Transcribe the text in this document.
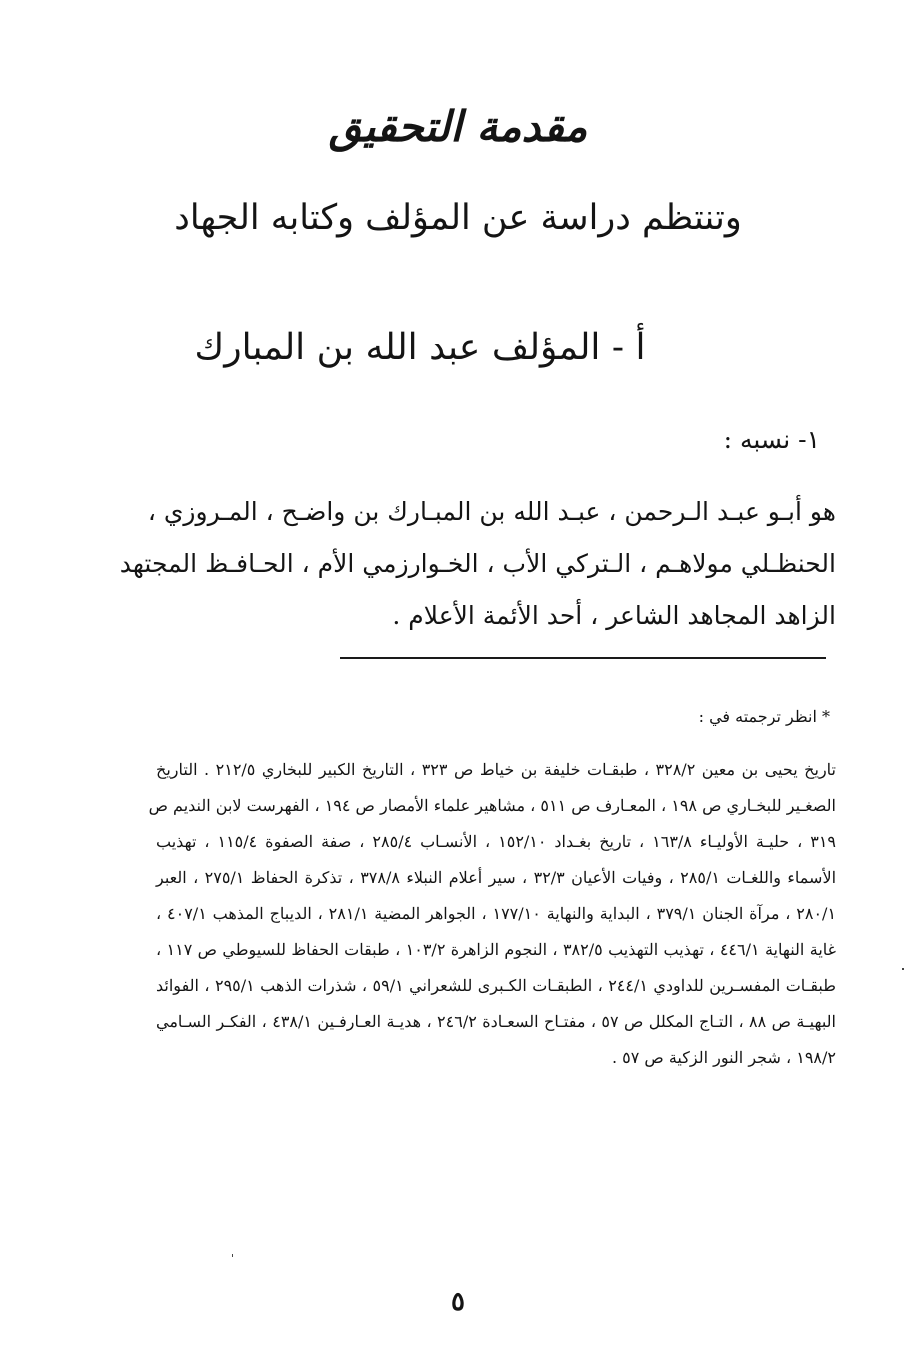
مقدمة التحقيق
وتنتظم دراسة عن المؤلف وكتابه الجهاد
أ - المؤلف عبد الله بن المبارك
١- نسبه :

هو أبـو عبـد الـرحمن ، عبـد الله بن المبـارك بن واضـح ، المـروزي ،

الحنظـلي مولاهـم ، الـتركي الأب ، الخـوارزمي الأم ، الحـافـظ المجتهد

الزاهد المجاهد الشاعر ، أحد الأئمة الأعلام .

* انظر ترجمته في :

تاريخ يحيى بن معين ٣٢٨/٢ ، طبقـات خليفة بن خياط ص ٣٢٣ ، التاريخ الكبير للبخاري ٢١٢/٥ . التاريخ

الصغـير للبخـاري ص ١٩٨ ، المعـارف ص ٥١١ ، مشاهير علماء الأمصار ص ١٩٤ ، الفهرست لابن النديم ص

٣١٩ ، حليـة الأوليـاء ١٦٣/٨ ، تاريخ بغـداد ١٥٢/١٠ ، الأنسـاب ٢٨٥/٤ ، صفة الصفوة ١١٥/٤ ، تهذيب

الأسماء واللغـات ٢٨٥/١ ، وفيات الأعيان ٣٢/٣ ، سير أعلام النبلاء ٣٧٨/٨ ، تذكرة الحفاظ ٢٧٥/١ ، العبر

٢٨٠/١ ، مرآة الجنان ٣٧٩/١ ، البداية والنهاية ١٧٧/١٠ ، الجواهر المضية ٢٨١/١ ، الديباج المذهب ٤٠٧/١ ،

غاية النهاية ٤٤٦/١ ، تهذيب التهذيب ٣٨٢/٥ ، النجوم الزاهرة ١٠٣/٢ ، طبقات الحفاظ للسيوطي ص ١١٧ ،

طبقـات المفسـرين للداودي ٢٤٤/١ ، الطبقـات الكـبرى للشعراني ٥٩/١ ، شذرات الذهب ٢٩٥/١ ، الفوائد

البهيـة ص ٨٨ ، التـاج المكلل ص ٥٧ ، مفتـاح السعـادة ٢٤٦/٢ ، هديـة العـارفـين ٤٣٨/١ ، الفكـر السـامي

١٩٨/٢ ، شجر النور الزكية ص ٥٧ .

٥
